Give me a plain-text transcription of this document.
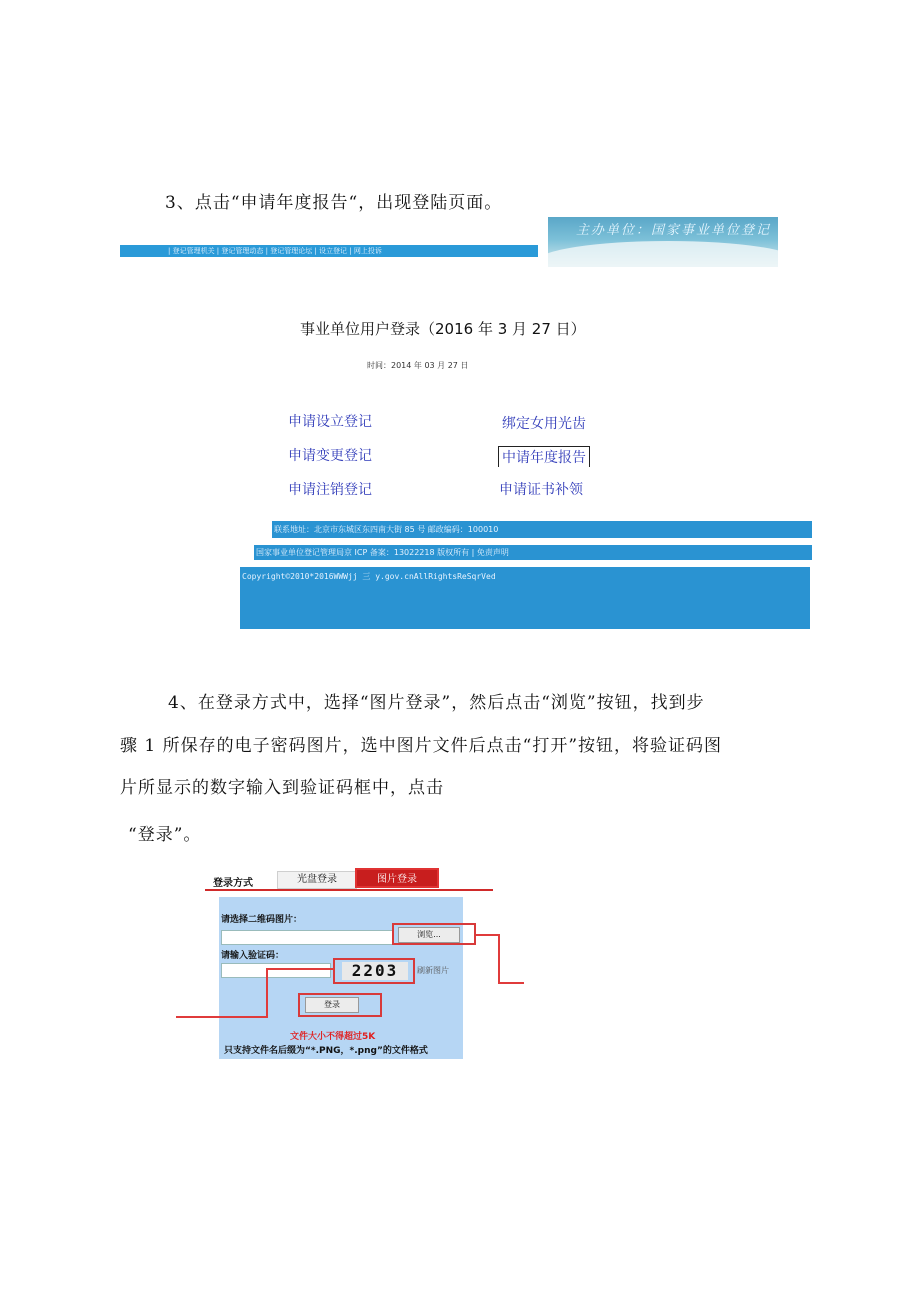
3、点击“申请年度报告“，出现登陆页面。
| 登记管理机关 | 登记管理动态 | 登记管理论坛 | 设立登记 | 网上投诉
主办单位：国家事业单位登记
事业单位用户登录（2016 年 3 月 27 日）
时间：2014 年 03 月 27 日
申请设立登记	绑定女用光齿
申请变更登记	中请年度报告
申请注销登记	申请证书补领
联系地址：北京市东城区东四南大街 85 号 邮政编码：100010
国家事业单位登记管理局京 ICP 备案：13022218 版权所有 | 免责声明
Copyright©2010*2016WWWjj 三 y.gov.cnAllRightsReSqrVed
4、在登录方式中，选择“图片登录”，然后点击“浏览”按钮，找到步
骤 1 所保存的电子密码图片，选中图片文件后点击“打开”按钮，将验证码图
片所显示的数字输入到验证码框中，点击
“登录”。
登录方式	光盘登录	图片登录
请选择二维码图片：
浏览...
请输入验证码：
2203	刷新图片
登录
文件大小不得超过5K
只支持文件名后缀为“*.PNG，*.png”的文件格式
